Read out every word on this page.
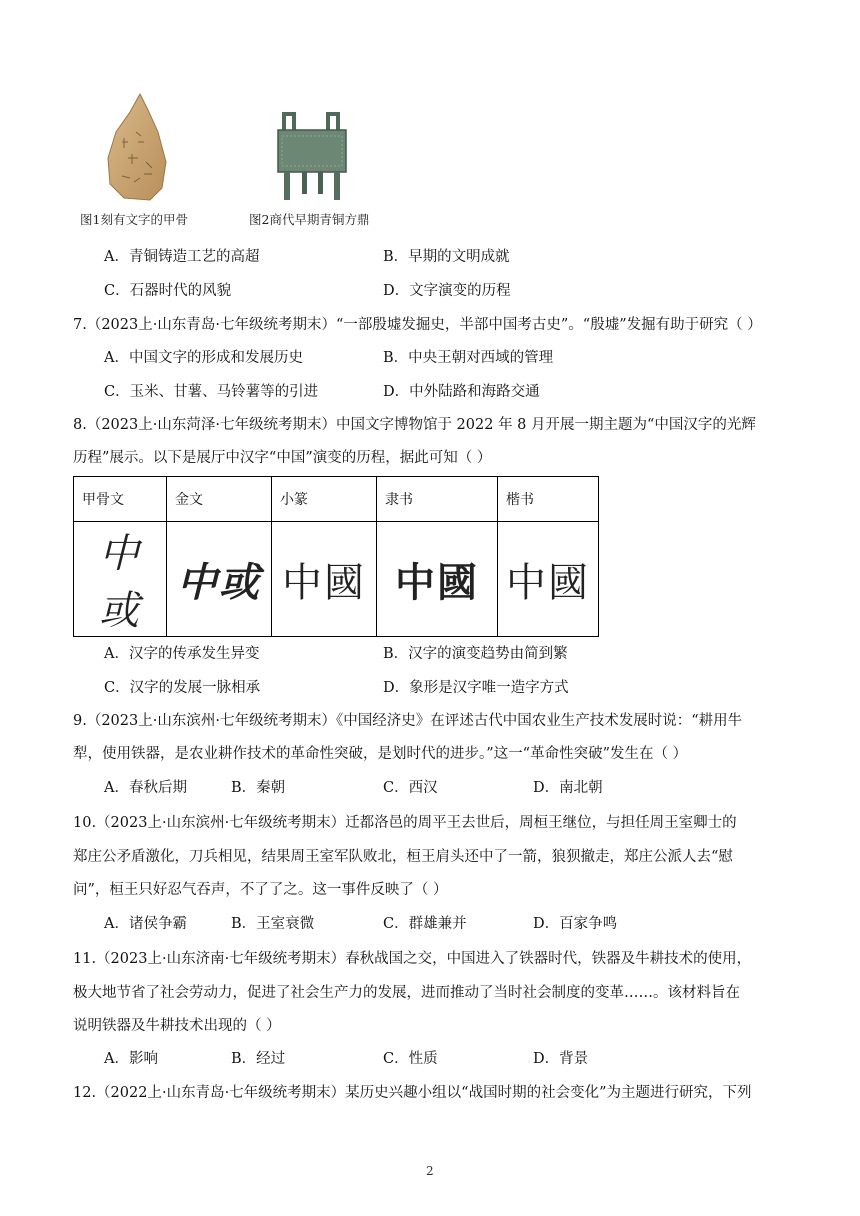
图1刻有文字的甲骨	图2商代早期青铜方鼎
A．青铜铸造工艺的高超	B．早期的文明成就
C．石器时代的风貌	D．文字演变的历程
7.（2023上·山东青岛·七年级统考期末）“一部殷墟发掘史，半部中国考古史”。“殷墟”发掘有助于研究（ ）
A．中国文字的形成和发展历史	B．中央王朝对西域的管理
C．玉米、甘薯、马铃薯等的引进	D．中外陆路和海路交通
8.（2023上·山东菏泽·七年级统考期末）中国文字博物馆于 2022 年 8 月开展一期主题为“中国汉字的光辉
历程”展示。以下是展厅中汉字“中国”演变的历程，据此可知（ ）
甲骨文	金文	小篆	隶书	楷书
中或	中或	中國	中國	中國
A．汉字的传承发生异变	B．汉字的演变趋势由简到繁
C．汉字的发展一脉相承	D．象形是汉字唯一造字方式
9.（2023上·山东滨州·七年级统考期末）《中国经济史》在评述古代中国农业生产技术发展时说：“耕用牛
犁，使用铁器，是农业耕作技术的革命性突破，是划时代的进步。”这一“革命性突破”发生在（ ）
A．春秋后期	B．秦朝	C．西汉	D．南北朝
10.（2023上·山东滨州·七年级统考期末）迁都洛邑的周平王去世后，周桓王继位，与担任周王室卿士的
郑庄公矛盾激化，刀兵相见，结果周王室军队败北，桓王肩头还中了一箭，狼狈撤走，郑庄公派人去“慰
问”，桓王只好忍气吞声，不了了之。这一事件反映了（ ）
A．诸侯争霸	B．王室衰微	C．群雄兼并	D．百家争鸣
11.（2023上·山东济南·七年级统考期末）春秋战国之交，中国进入了铁器时代，铁器及牛耕技术的使用，
极大地节省了社会劳动力，促进了社会生产力的发展，进而推动了当时社会制度的变革……。该材料旨在
说明铁器及牛耕技术出现的（ ）
A．影响	B．经过	C．性质	D．背景
12.（2022上·山东青岛·七年级统考期末）某历史兴趣小组以“战国时期的社会变化”为主题进行研究，下列
2
